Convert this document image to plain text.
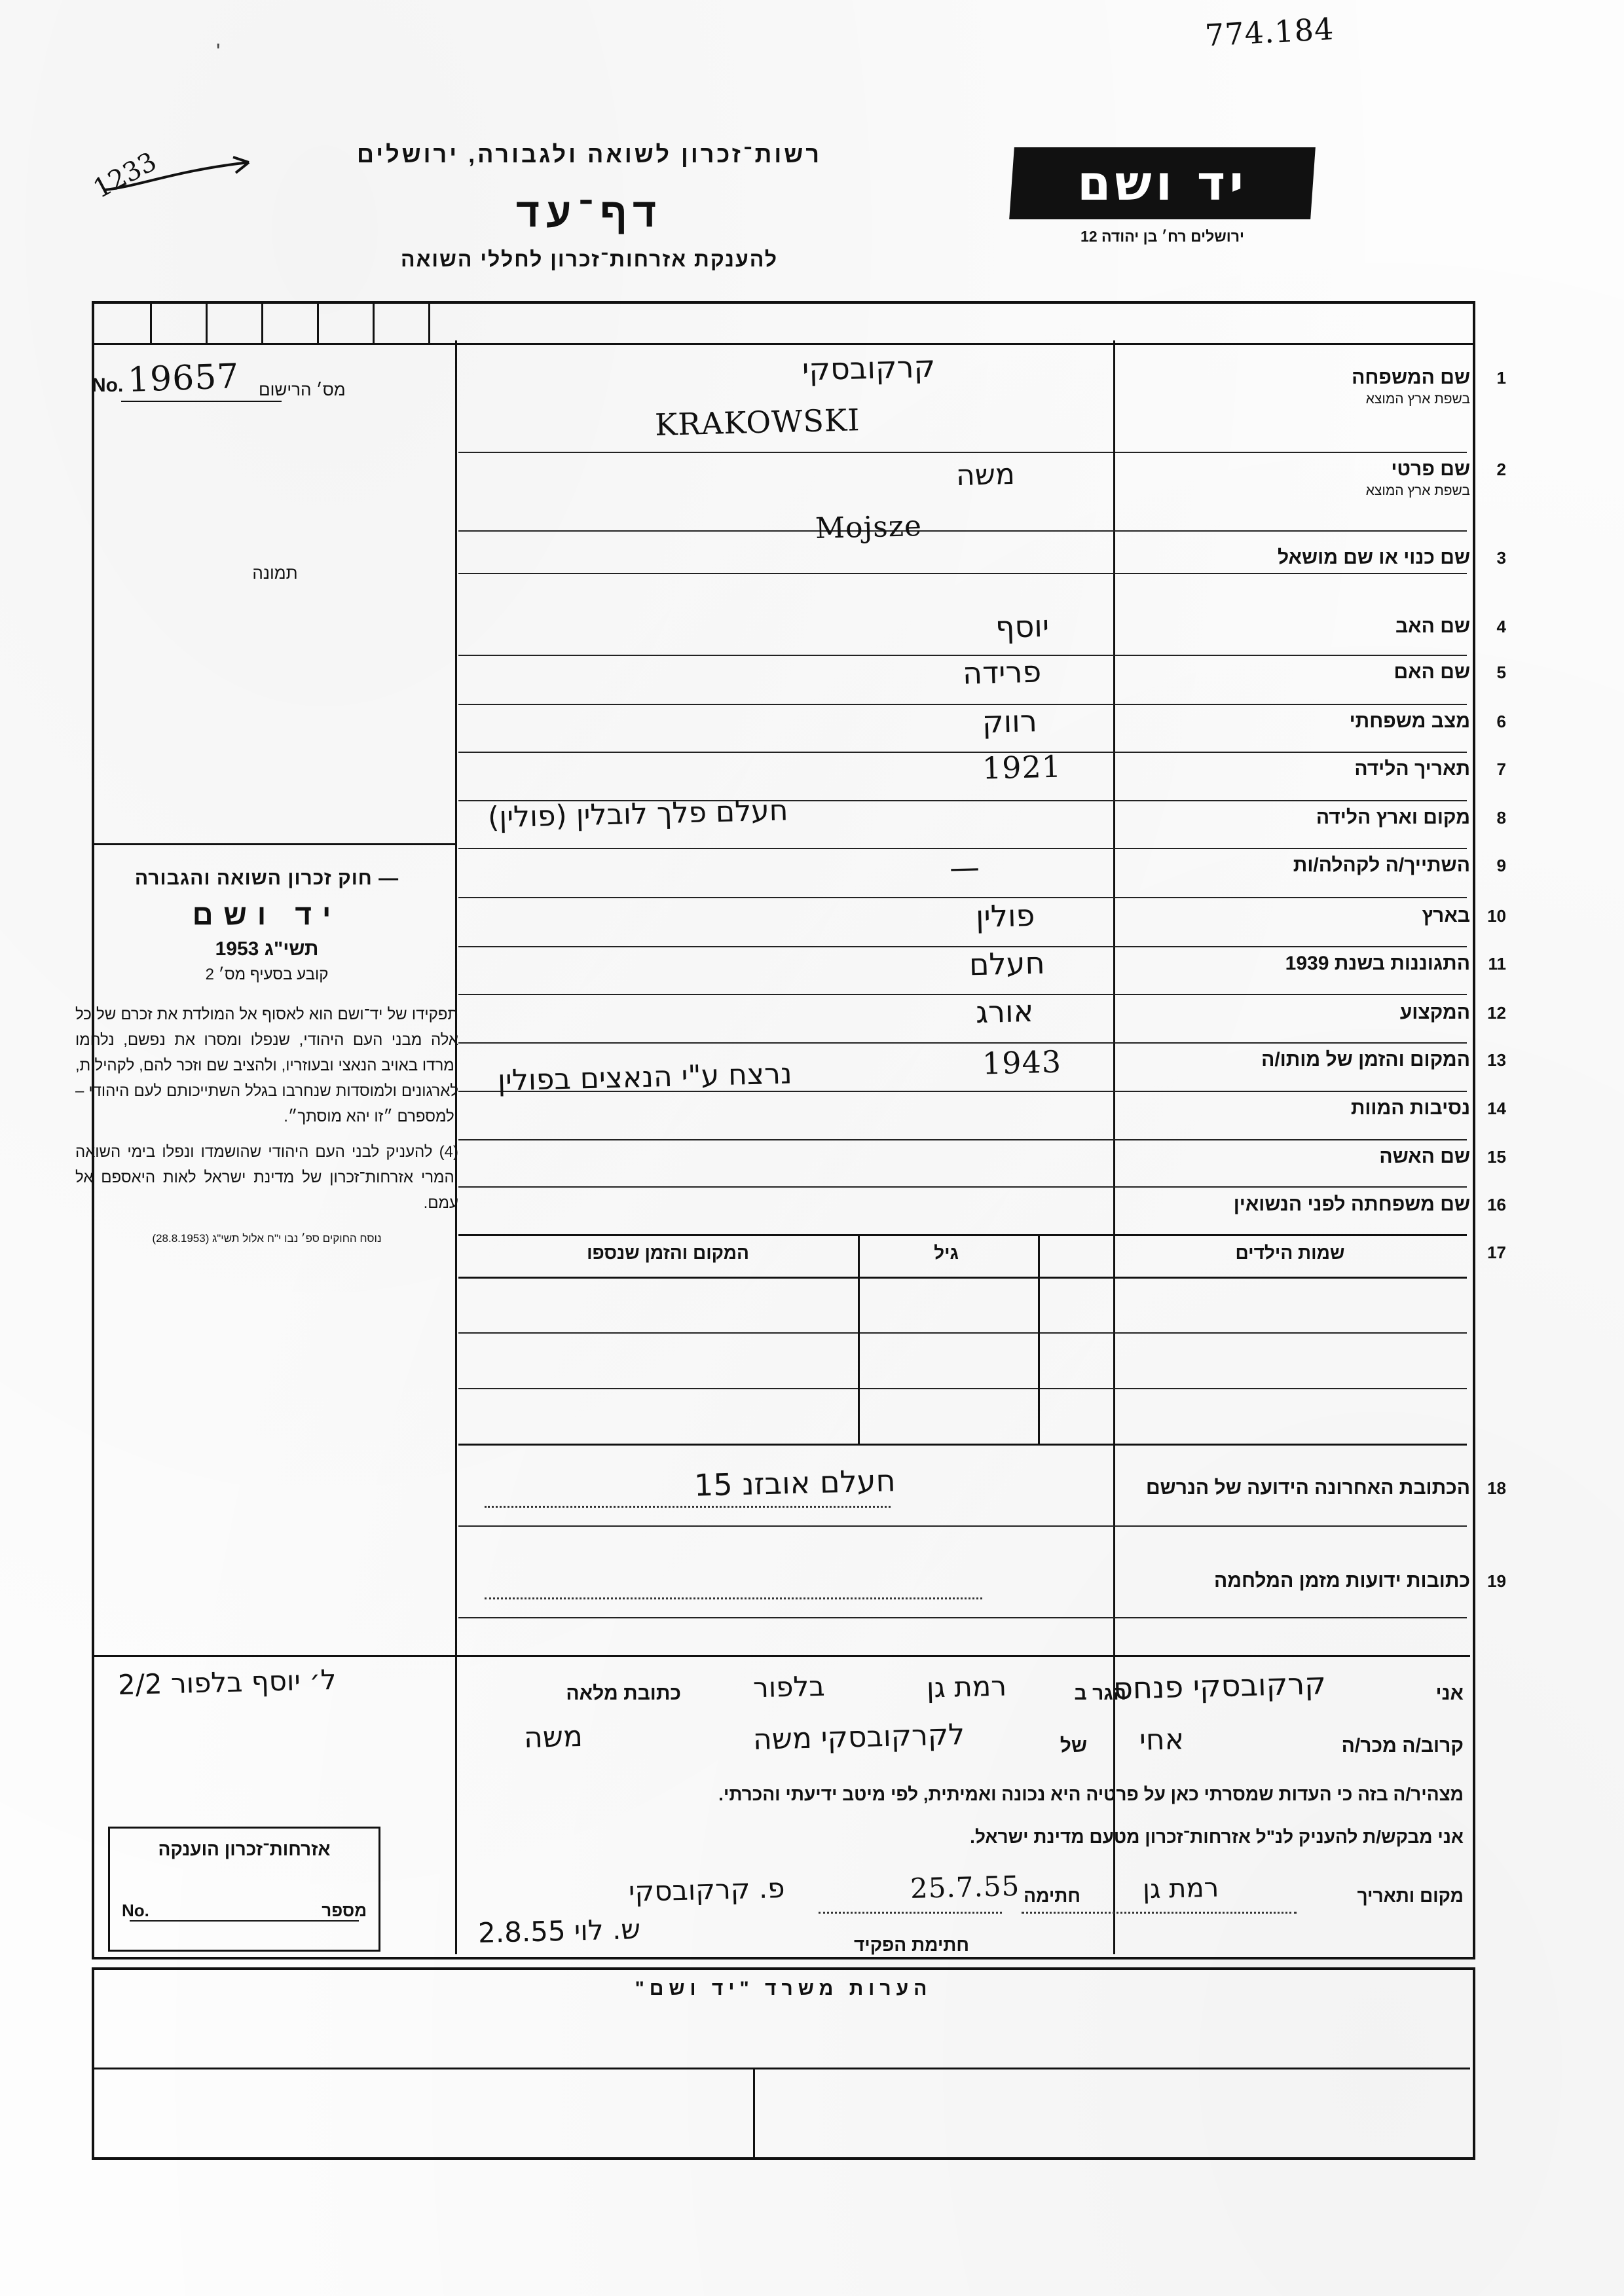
774.184
ʹ
רשות־זכרון לשואה ולגבורה, ירושלים
דף־עד
להענקת אזרחות־זכרון לחללי השואה
יד ושם
ירושלים רח׳ בן יהודה 12
1233
מס׳ הרישום
No. 19657
תמונה
— חוק זכרון השואה והגבורה
יד ושם
תשי"ג 1953
קובע בסעיף מס׳ 2

תפקידו של יד־ושם הוא לאסוף אל המולדת את זכרם של כל אלה מבני העם היהודי, שנפלו ומסרו את נפשם, נלחמו ומרדו באויב הנאצי ובעוזריו, ולהציב שם וזכר להם, לקהילות, לארגונים ולמוסדות שנחרבו בגלל השתייכותם לעם היהודי – ולמספרם ״זו יהא מוסתך״.

(4) להעניק לבני העם היהודי שהושמדו ונפלו בימי השואה והמרי אזרחות־זכרון של מדינת ישראל לאות היאספם אל עמם.

נוסח החוקים ספ׳ נבו י"ח אלול תשי"ג (28.8.1953)
שם המשפחה
בשפת ארץ המוצא
1
קרקובסקי
KRAKOWSKI
שם פרטי
בשפת ארץ המוצא
2
משה
Mojsze
שם כנוי או שם מושאל 3
שם האב 4
יוסף
שם האם 5
פרידה
מצב משפחתי 6
רווק
תאריך הלידה 7
1921
מקום וארץ הלידה 8
חעלם פלך לובלין (פולין)
השתייך/ה לקהלה/ות 9
—
בארץ 10
פולין
התגוננות בשנת 1939 11
חעלם
המקצוע 12
אורג
המקום והזמן של מותו/ה 13
1943
נסיבות המוות 14
נרצח ע"י הנאצים בפולין
שם האשה 15
שם משפחתה לפני הנשואין 16
17
שמות הילדים
גיל
המקום והזמן שנספו
18
הכתובת האחרונה הידועה של הנרשם
חעלם אובזנ 15
19
כתובות ידועות מזמן המלחמה
אני
קרקובסקי פנחס
הגר ב
רמת גן
בלפור
כתובת מלאה
ל׳ יוסף בלפור 2/2
קרוב/ה מכר/ה
אחי
של
לקרקובסקי משה
משה
מצהיר/ה בזה כי העדות שמסרתי כאן על פרטיה היא נכונה ואמיתית, לפי מיטב ידיעתי והכרתי.
אני מבקש/ת להעניק לנ"ל אזרחות־זכרון מטעם מדינת ישראל.
מקום ותאריך
רמת גן
חתימה
25.7.55
פ. קרקובסקי
חתימת הפקיד
ש. לוי 2.8.55
אזרחות־זכרון הוענקה
מספר
No.
הערות משרד "יד ושם"
